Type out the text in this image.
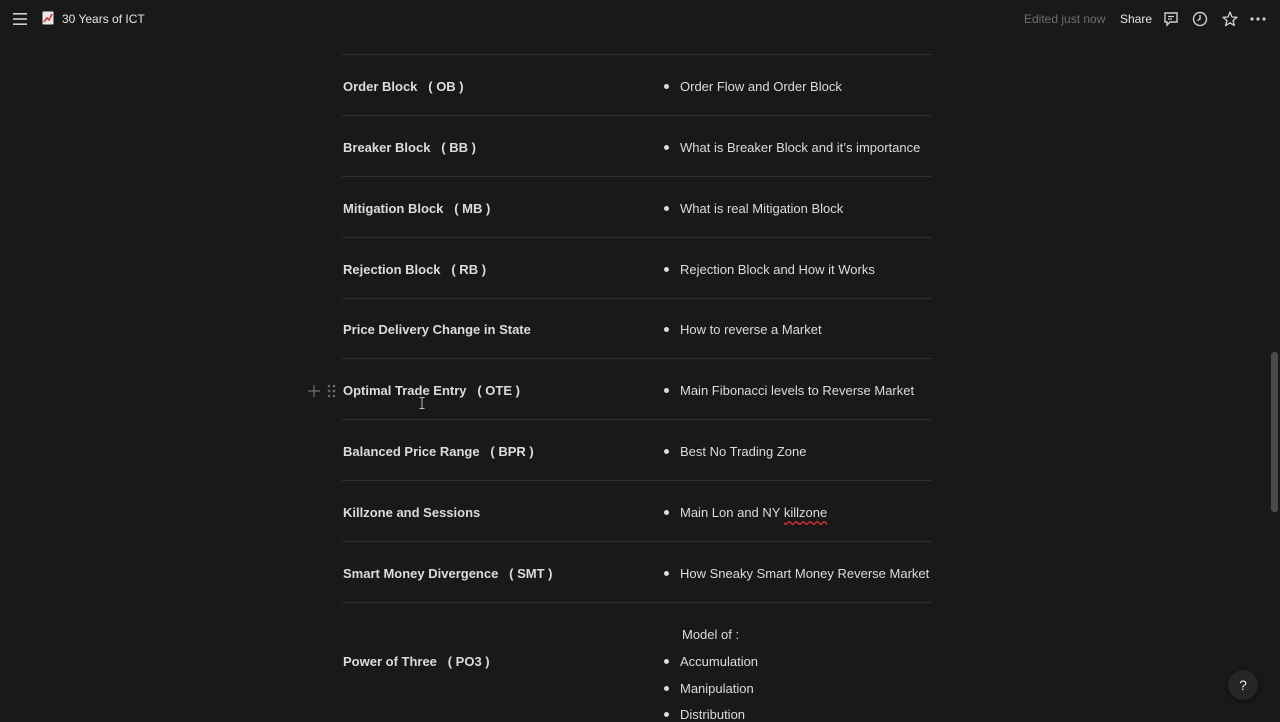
30 Years of ICT	Edited just now Share
Order Block   ( OB )	Order Flow and Order Block
Breaker Block   ( BB )	What is Breaker Block and it’s importance
Mitigation Block   ( MB )	What is real Mitigation Block
Rejection Block   ( RB )	Rejection Block and How it Works
Price Delivery Change in State	How to reverse a Market
Optimal Trade Entry   ( OTE )	Main Fibonacci levels to Reverse Market
Balanced Price Range   ( BPR )	Best No Trading Zone
Killzone and Sessions	Main Lon and NY killzone
Smart Money Divergence   ( SMT )	How Sneaky Smart Money Reverse Market
Power of Three   ( PO3 )
Model of :
Accumulation
Manipulation
Distribution
?
